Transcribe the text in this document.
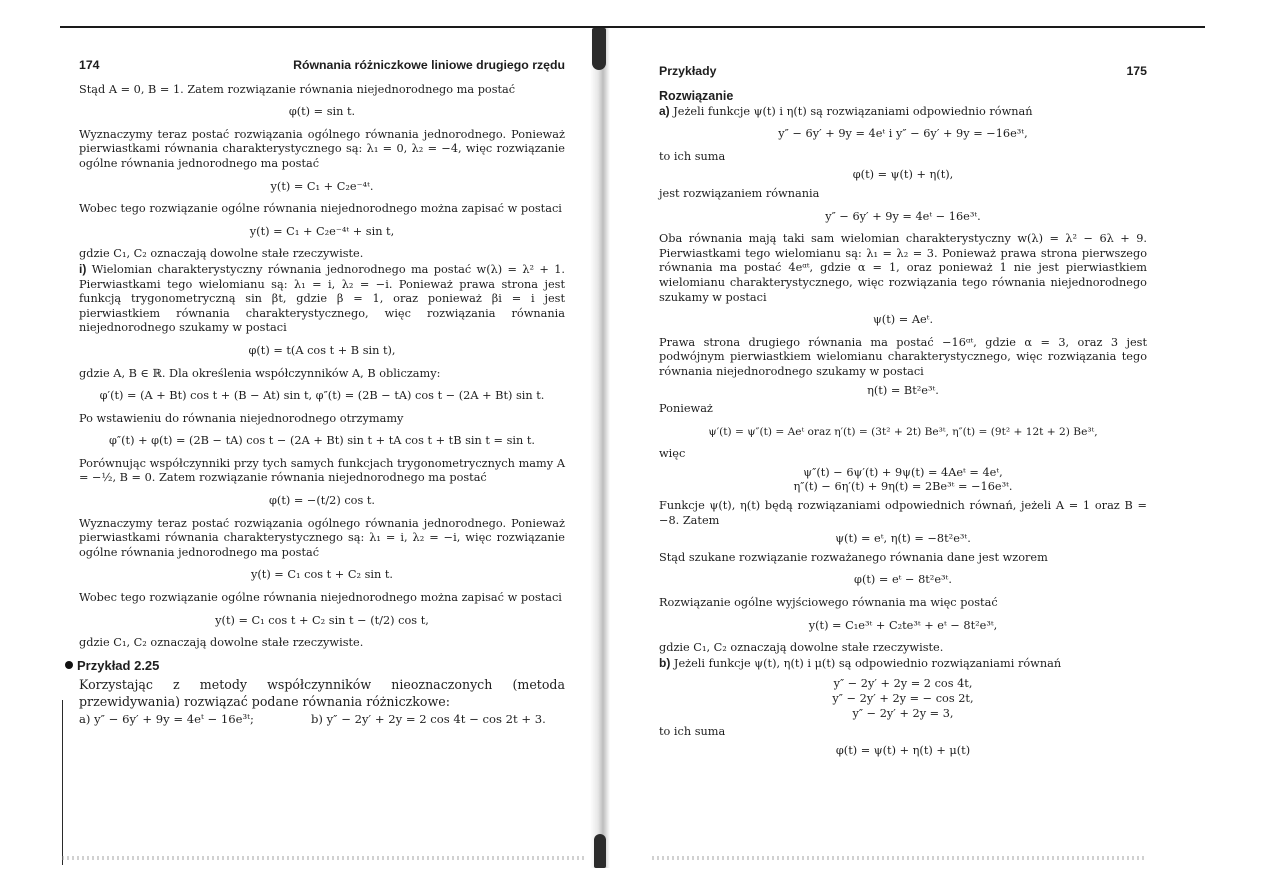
174	Równania różniczkowe liniowe drugiego rzędu

Stąd A = 0, B = 1. Zatem rozwiązanie równania niejednorodnego ma postać

φ(t) = sin t.

Wyznaczymy teraz postać rozwiązania ogólnego równania jednorodnego. Ponieważ pierwiastkami równania charakterystycznego są: λ₁ = 0, λ₂ = −4, więc rozwiązanie ogólne równania jednorodnego ma postać

y(t) = C₁ + C₂e⁻⁴ᵗ.

Wobec tego rozwiązanie ogólne równania niejednorodnego można zapisać w postaci

y(t) = C₁ + C₂e⁻⁴ᵗ + sin t,

gdzie C₁, C₂ oznaczają dowolne stałe rzeczywiste.

i) Wielomian charakterystyczny równania jednorodnego ma postać w(λ) = λ² + 1. Pierwiastkami tego wielomianu są: λ₁ = i, λ₂ = −i. Ponieważ prawa strona jest funkcją trygonometryczną sin βt, gdzie β = 1, oraz ponieważ βi = i jest pierwiastkiem równania charakterystycznego, więc rozwiązania równania niejednorodnego szukamy w postaci

φ(t) = t(A cos t + B sin t),

gdzie A, B ∈ ℝ. Dla określenia współczynników A, B obliczamy:

φ′(t) = (A + Bt) cos t + (B − At) sin t, φ″(t) = (2B − tA) cos t − (2A + Bt) sin t.

Po wstawieniu do równania niejednorodnego otrzymamy

φ″(t) + φ(t) = (2B − tA) cos t − (2A + Bt) sin t + tA cos t + tB sin t = sin t.

Porównując współczynniki przy tych samych funkcjach trygonometrycznych mamy A = −½, B = 0. Zatem rozwiązanie równania niejednorodnego ma postać

φ(t) = −(t/2) cos t.

Wyznaczymy teraz postać rozwiązania ogólnego równania jednorodnego. Ponieważ pierwiastkami równania charakterystycznego są: λ₁ = i, λ₂ = −i, więc rozwiązanie ogólne równania jednorodnego ma postać

y(t) = C₁ cos t + C₂ sin t.

Wobec tego rozwiązanie ogólne równania niejednorodnego można zapisać w postaci

y(t) = C₁ cos t + C₂ sin t − (t/2) cos t,

gdzie C₁, C₂ oznaczają dowolne stałe rzeczywiste.

Przykład 2.25

Korzystając z metody współczynników nieoznaczonych (metoda przewidywania) rozwiązać podane równania różniczkowe:

a) y″ − 6y′ + 9y = 4eᵗ − 16e³ᵗ;	b) y″ − 2y′ + 2y = 2 cos 4t − cos 2t + 3.
Przykłady	175
Rozwiązanie

a) Jeżeli funkcje ψ(t) i η(t) są rozwiązaniami odpowiednio równań

y″ − 6y′ + 9y = 4eᵗ i y″ − 6y′ + 9y = −16e³ᵗ,

to ich suma

φ(t) = ψ(t) + η(t),

jest rozwiązaniem równania

y″ − 6y′ + 9y = 4eᵗ − 16e³ᵗ.

Oba równania mają taki sam wielomian charakterystyczny w(λ) = λ² − 6λ + 9. Pierwiastkami tego wielomianu są: λ₁ = λ₂ = 3. Ponieważ prawa strona pierwszego równania ma postać 4eᵅᵗ, gdzie α = 1, oraz ponieważ 1 nie jest pierwiastkiem wielomianu charakterystycznego, więc rozwiązania tego równania niejednorodnego szukamy w postaci

ψ(t) = Aeᵗ.

Prawa strona drugiego równania ma postać −16ᵅᵗ, gdzie α = 3, oraz 3 jest podwójnym pierwiastkiem wielomianu charakterystycznego, więc rozwiązania tego równania niejednorodnego szukamy w postaci

η(t) = Bt²e³ᵗ.

Ponieważ

ψ′(t) = ψ″(t) = Aeᵗ oraz η′(t) = (3t² + 2t) Be³ᵗ, η″(t) = (9t² + 12t + 2) Be³ᵗ,

więc

ψ″(t) − 6ψ′(t) + 9ψ(t) = 4Aeᵗ = 4eᵗ,

η″(t) − 6η′(t) + 9η(t) = 2Be³ᵗ = −16e³ᵗ.

Funkcje ψ(t), η(t) będą rozwiązaniami odpowiednich równań, jeżeli A = 1 oraz B = −8. Zatem

ψ(t) = eᵗ, η(t) = −8t²e³ᵗ.

Stąd szukane rozwiązanie rozważanego równania dane jest wzorem

φ(t) = eᵗ − 8t²e³ᵗ.

Rozwiązanie ogólne wyjściowego równania ma więc postać

y(t) = C₁e³ᵗ + C₂te³ᵗ + eᵗ − 8t²e³ᵗ,

gdzie C₁, C₂ oznaczają dowolne stałe rzeczywiste.

b) Jeżeli funkcje ψ(t), η(t) i μ(t) są odpowiednio rozwiązaniami równań

y″ − 2y′ + 2y = 2 cos 4t,

y″ − 2y′ + 2y = − cos 2t,

y″ − 2y′ + 2y = 3,

to ich suma

φ(t) = ψ(t) + η(t) + μ(t)
